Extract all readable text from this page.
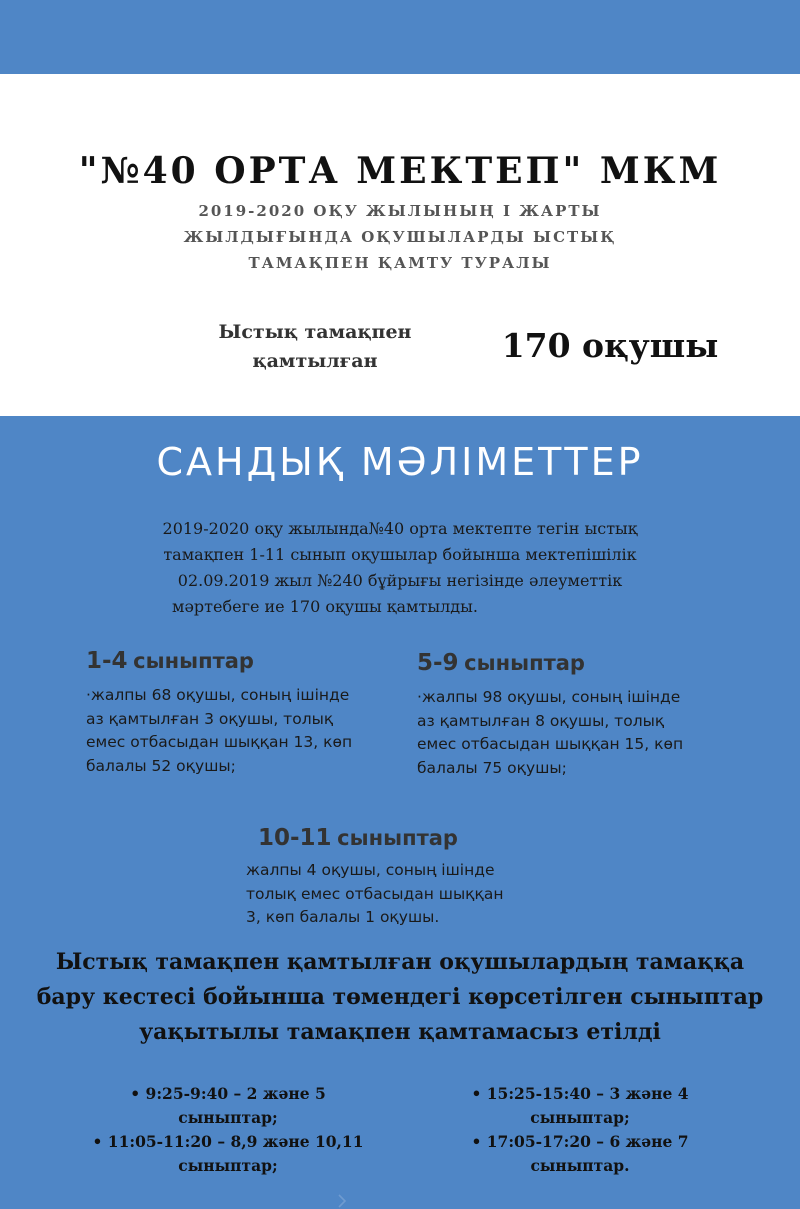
"№40 ОРТА МЕКТЕП" МКМ
2019-2020 ОҚУ ЖЫЛЫНЫҢ І ЖАРТЫ
ЖЫЛДЫҒЫНДА ОҚУШЫЛАРДЫ ЫСТЫҚ
ТАМАҚПЕН ҚАМТУ ТУРАЛЫ
Ыстық тамақпен
қамтылған	170 оқушы
САНДЫҚ МӘЛІМЕТТЕР
2019-2020 оқу жылында№40 орта мектепте тегін ыстық
тамақпен 1-11 сынып оқушылар бойынша мектепішілік
02.09.2019 жыл №240 бұйрығы негізінде әлеуметтік
мәртебеге ие 170 оқушы қамтылды.
1-4 сыныптар
·жалпы 68 оқушы, соның ішінде
аз қамтылған 3 оқушы, толық
емес отбасыдан шыққан 13, көп
балалы 52 оқушы;
5-9 сыныптар
·жалпы 98 оқушы, соның ішінде
аз қамтылған 8 оқушы, толық
емес отбасыдан шыққан 15, көп
балалы 75 оқушы;
10-11 сыныптар
жалпы 4 оқушы, соның ішінде
толық емес отбасыдан шыққан
3, көп балалы 1 оқушы.
Ыстық тамақпен қамтылған оқушылардың тамаққа
бару кестесі бойынша төмендегі көрсетілген сыныптар
уақытылы тамақпен қамтамасыз етілді
• 9:25-9:40 – 2 және 5
сыныптар;
• 11:05-11:20 – 8,9 және 10,11
сыныптар;
• 15:25-15:40 – 3 және 4
сыныптар;
• 17:05-17:20 – 6 және 7
сыныптар.
